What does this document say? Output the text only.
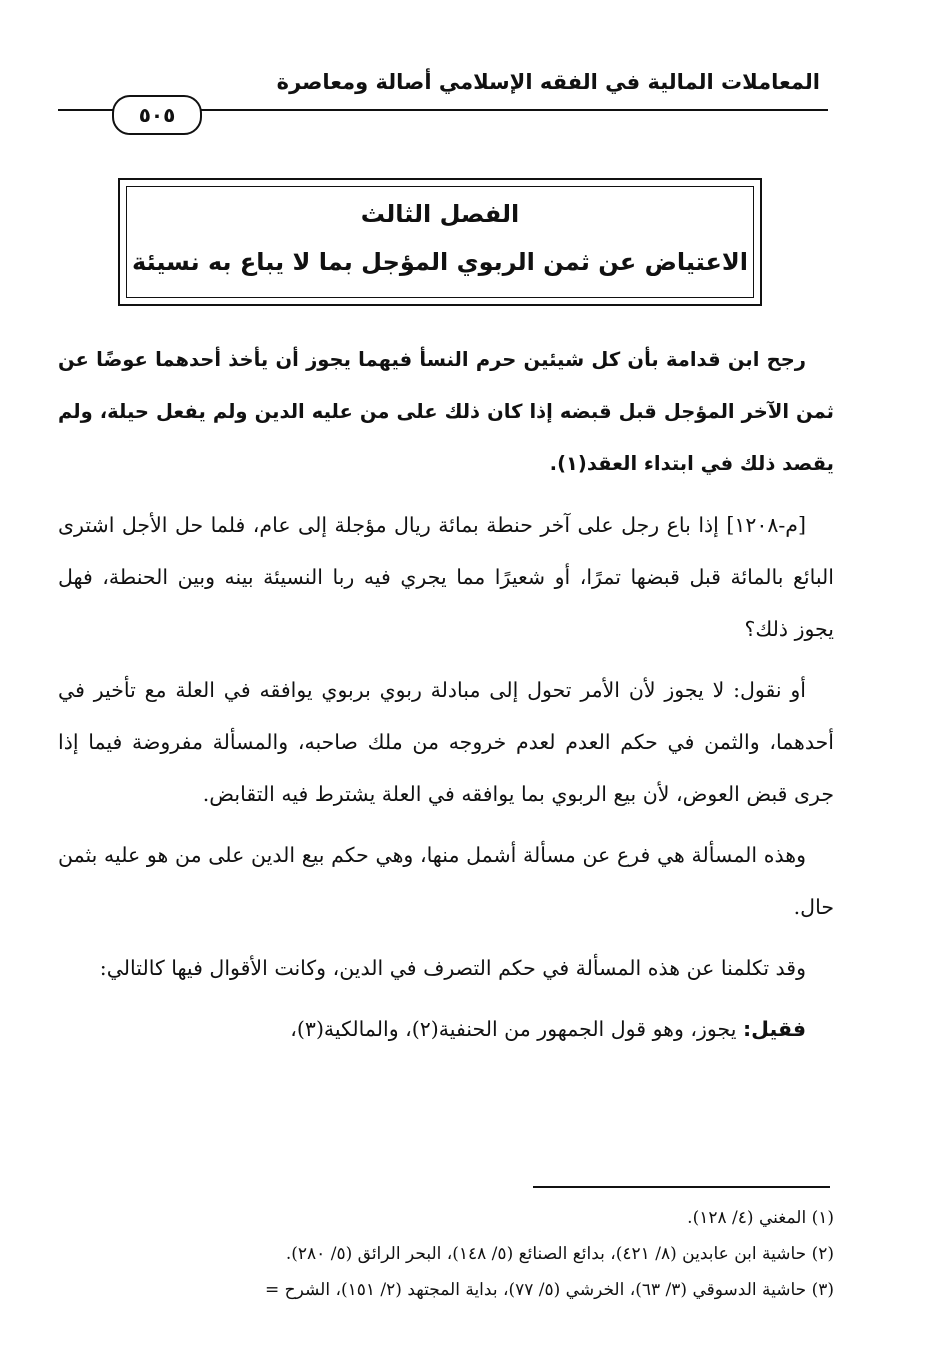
المعاملات المالية في الفقه الإسلامي أصالة ومعاصرة
٥٠٥
الفصل الثالث
الاعتياض عن ثمن الربوي المؤجل بما لا يباع به نسيئة

رجح ابن قدامة بأن كل شيئين حرم النسأ فيهما يجوز أن يأخذ أحدهما عوضًا عن ثمن الآخر المؤجل قبل قبضه إذا كان ذلك على من عليه الدين ولم يفعل حيلة، ولم يقصد ذلك في ابتداء العقد(١).

[م-١٢٠٨] إذا باع رجل على آخر حنطة بمائة ريال مؤجلة إلى عام، فلما حل الأجل اشترى البائع بالمائة قبل قبضها تمرًا، أو شعيرًا مما يجري فيه ربا النسيئة بينه وبين الحنطة، فهل يجوز ذلك؟

أو نقول: لا يجوز لأن الأمر تحول إلى مبادلة ربوي بربوي يوافقه في العلة مع تأخير في أحدهما، والثمن في حكم العدم لعدم خروجه من ملك صاحبه، والمسألة مفروضة فيما إذا جرى قبض العوض، لأن بيع الربوي بما يوافقه في العلة يشترط فيه التقابض.

وهذه المسألة هي فرع عن مسألة أشمل منها، وهي حكم بيع الدين على من هو عليه بثمن حال.

وقد تكلمنا عن هذه المسألة في حكم التصرف في الدين، وكانت الأقوال فيها كالتالي:

فقيل: يجوز، وهو قول الجمهور من الحنفية(٢)، والمالكية(٣)،

(١) المغني (٤/ ١٢٨).
(٢) حاشية ابن عابدين (٨/ ٤٢١)، بدائع الصنائع (٥/ ١٤٨)، البحر الرائق (٥/ ٢٨٠).
(٣) حاشية الدسوقي (٣/ ٦٣)، الخرشي (٥/ ٧٧)، بداية المجتهد (٢/ ١٥١)، الشرح =
